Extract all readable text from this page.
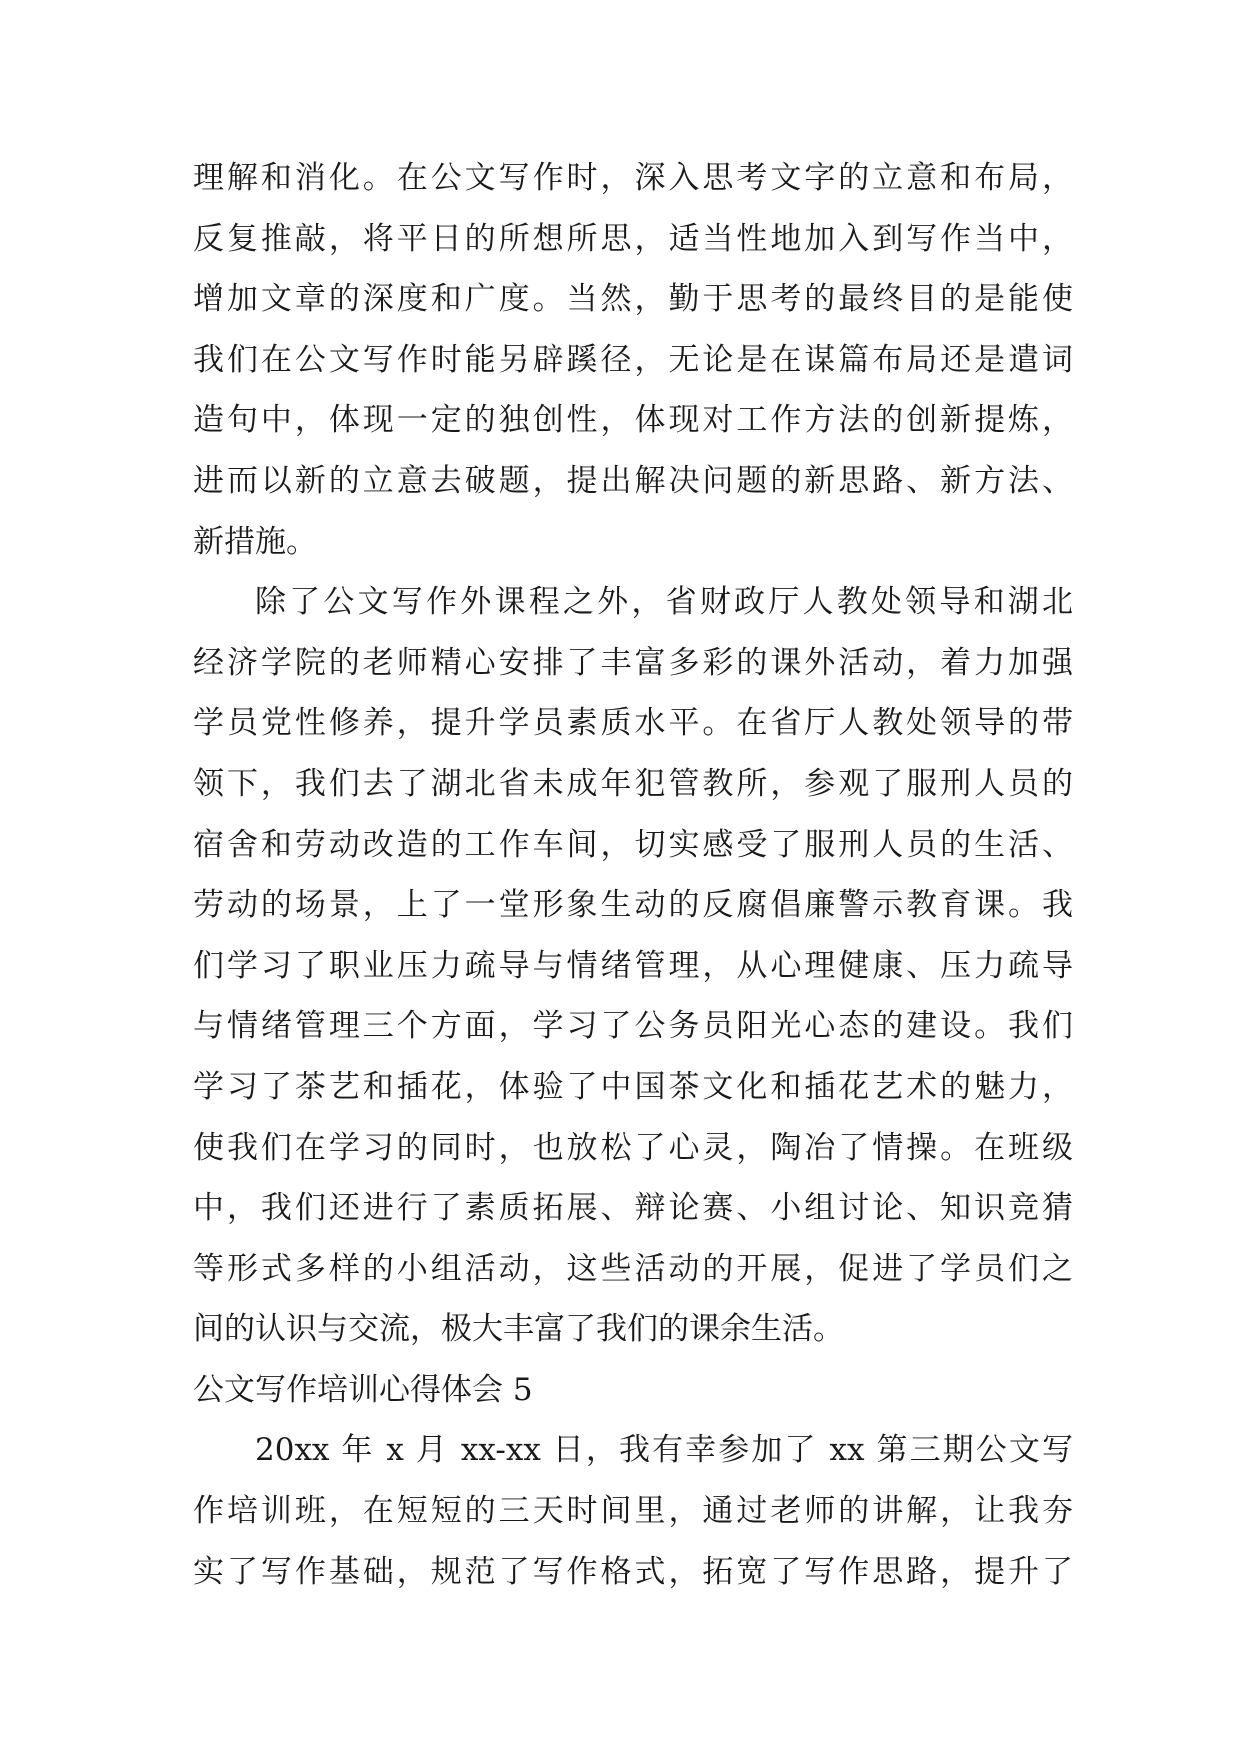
理解和消化。在公文写作时，深入思考文字的立意和布局，
反复推敲，将平日的所想所思，适当性地加入到写作当中，
增加文章的深度和广度。当然，勤于思考的最终目的是能使
我们在公文写作时能另辟蹊径，无论是在谋篇布局还是遣词
造句中，体现一定的独创性，体现对工作方法的创新提炼，
进而以新的立意去破题，提出解决问题的新思路、新方法、
新措施。
除了公文写作外课程之外，省财政厅人教处领导和湖北
经济学院的老师精心安排了丰富多彩的课外活动，着力加强
学员党性修养，提升学员素质水平。在省厅人教处领导的带
领下，我们去了湖北省未成年犯管教所，参观了服刑人员的
宿舍和劳动改造的工作车间，切实感受了服刑人员的生活、
劳动的场景，上了一堂形象生动的反腐倡廉警示教育课。我
们学习了职业压力疏导与情绪管理，从心理健康、压力疏导
与情绪管理三个方面，学习了公务员阳光心态的建设。我们
学习了茶艺和插花，体验了中国茶文化和插花艺术的魅力，
使我们在学习的同时，也放松了心灵，陶冶了情操。在班级
中，我们还进行了素质拓展、辩论赛、小组讨论、知识竞猜
等形式多样的小组活动，这些活动的开展，促进了学员们之
间的认识与交流，极大丰富了我们的课余生活。
公文写作培训心得体会 5
20xx 年 x 月 xx-xx 日，我有幸参加了 xx 第三期公文写
作培训班，在短短的三天时间里，通过老师的讲解，让我夯
实了写作基础，规范了写作格式，拓宽了写作思路，提升了
